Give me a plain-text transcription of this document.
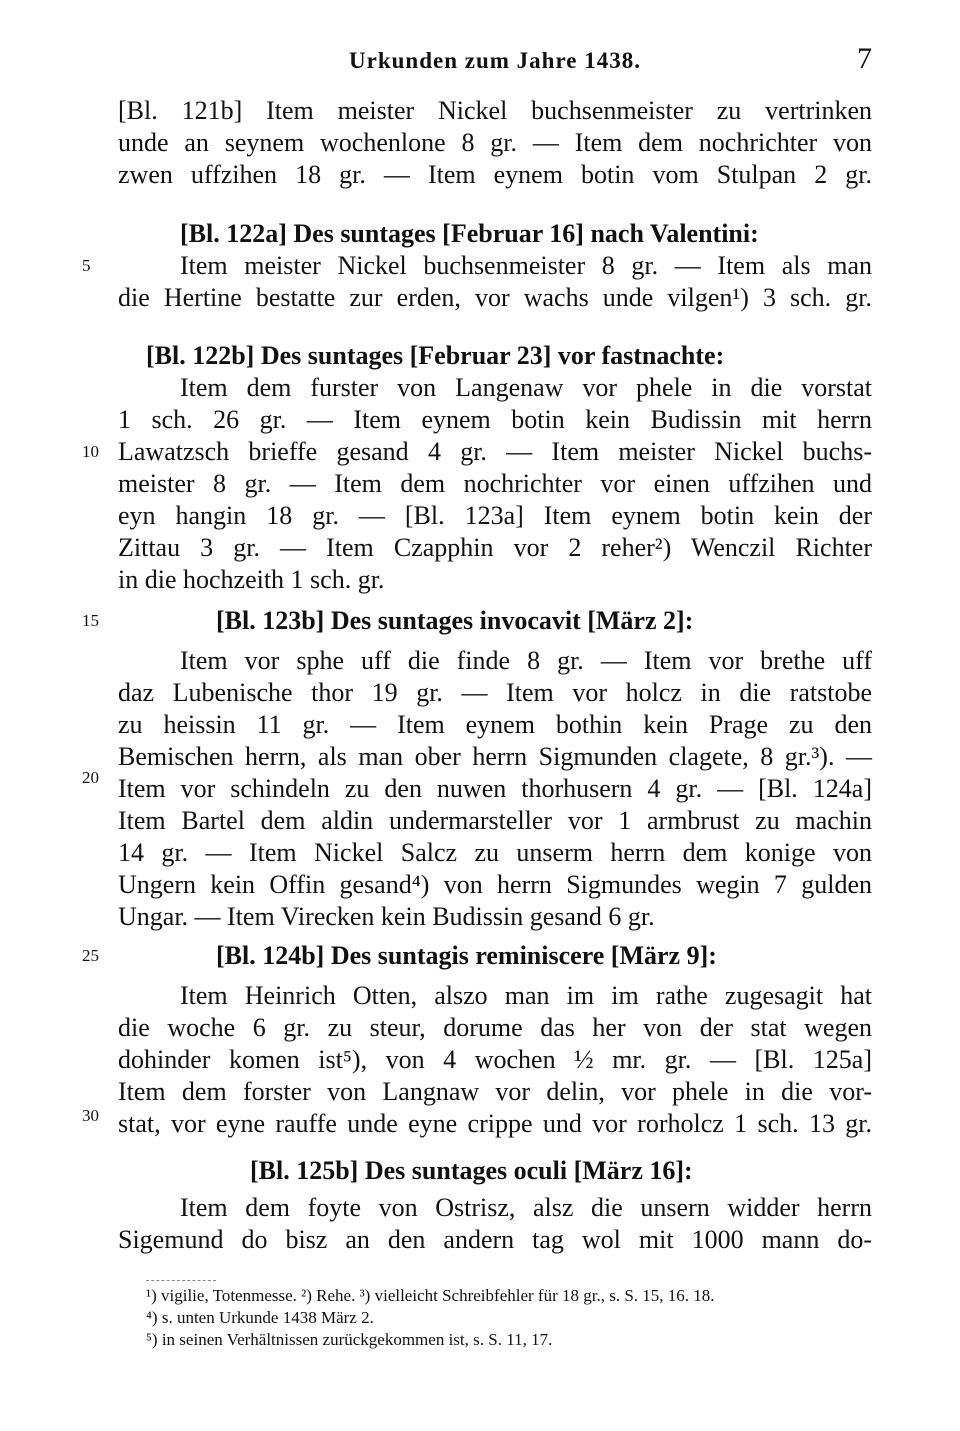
Urkunden zum Jahre 1438.	7
5
10
15
20
25
30
[Bl. 121b] Item meister Nickel buchsenmeister zu vertrinken
unde an seynem wochenlone 8 gr. — Item dem nochrichter von
zwen uffzihen 18 gr. — Item eynem botin vom Stulpan 2 gr.
[Bl. 122a] Des suntages [Februar 16] nach Valentini:
Item meister Nickel buchsenmeister 8 gr. — Item als man
die Hertine bestatte zur erden, vor wachs unde vilgen¹) 3 sch. gr.
[Bl. 122b] Des suntages [Februar 23] vor fastnachte:
Item dem furster von Langenaw vor phele in die vorstat
1 sch. 26 gr. — Item eynem botin kein Budissin mit herrn
Lawatzsch brieffe gesand 4 gr. — Item meister Nickel buchs-
meister 8 gr. — Item dem nochrichter vor einen uffzihen und
eyn hangin 18 gr. — [Bl. 123a] Item eynem botin kein der
Zittau 3 gr. — Item Czapphin vor 2 reher²) Wenczil Richter
in die hochzeith 1 sch. gr.
[Bl. 123b] Des suntages invocavit [März 2]:
Item vor sphe uff die finde 8 gr. — Item vor brethe uff
daz Lubenische thor 19 gr. — Item vor holcz in die ratstobe
zu heissin 11 gr. — Item eynem bothin kein Prage zu den
Bemischen herrn, als man ober herrn Sigmunden clagete, 8 gr.³). —
Item vor schindeln zu den nuwen thorhusern 4 gr. — [Bl. 124a]
Item Bartel dem aldin undermarsteller vor 1 armbrust zu machin
14 gr. — Item Nickel Salcz zu unserm herrn dem konige von
Ungern kein Offin gesand⁴) von herrn Sigmundes wegin 7 gulden
Ungar. — Item Virecken kein Budissin gesand 6 gr.
[Bl. 124b] Des suntagis reminiscere [März 9]:
Item Heinrich Otten, alszo man im im rathe zugesagit hat
die woche 6 gr. zu steur, dorume das her von der stat wegen
dohinder komen ist⁵), von 4 wochen ½ mr. gr. — [Bl. 125a]
Item dem forster von Langnaw vor delin, vor phele in die vor-
stat, vor eyne rauffe unde eyne crippe und vor rorholcz 1 sch. 13 gr.
[Bl. 125b] Des suntages oculi [März 16]:
Item dem foyte von Ostrisz, alsz die unsern widder herrn
Sigemund do bisz an den andern tag wol mit 1000 mann do-
¹) vigilie, Totenmesse. ²) Rehe. ³) vielleicht Schreibfehler für 18 gr., s. S. 15, 16. 18.
⁴) s. unten Urkunde 1438 März 2.
⁵) in seinen Verhältnissen zurückgekommen ist, s. S. 11, 17.
